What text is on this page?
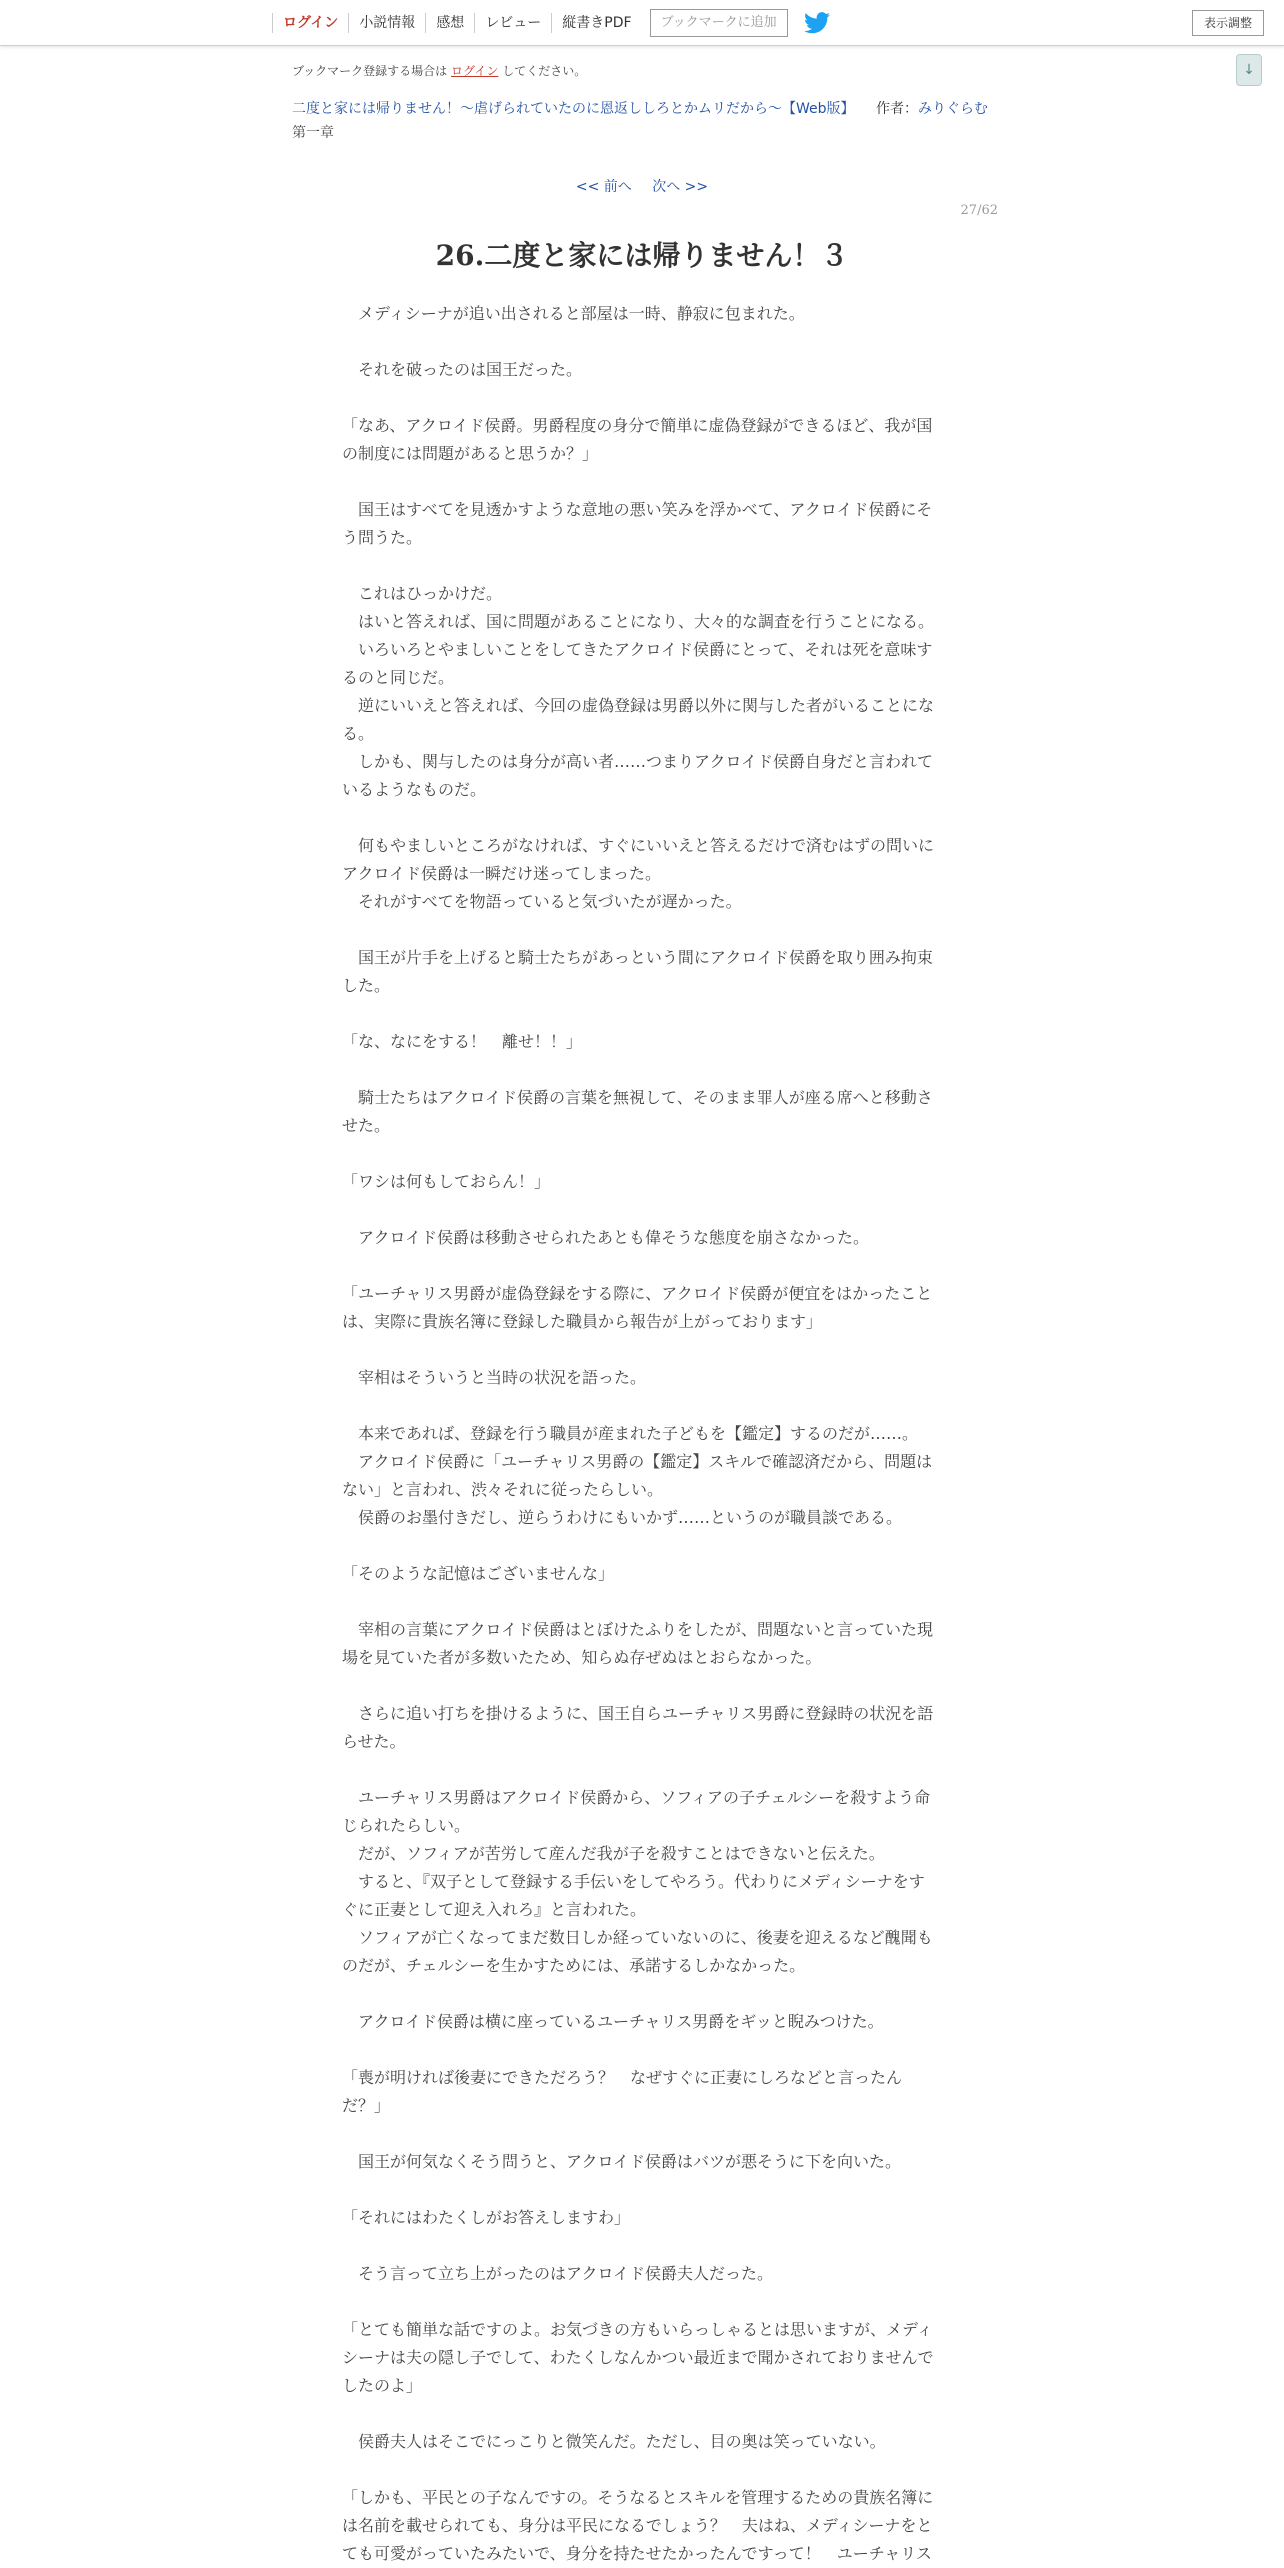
ログイン	小説情報	感想	レビュー	縦書きPDF	ブックマークに追加	表示調整
↓
ブックマーク登録する場合は ログイン してください。
二度と家には帰りません！～虐げられていたのに恩返ししろとかムリだから～【Web版】 作者：みりぐらむ
第一章
<< 前へ 次へ >>
27/62
26.二度と家には帰りません！３

　メディシーナが追い出されると部屋は一時、静寂に包まれた。

　それを破ったのは国王だった。

「なあ、アクロイド侯爵。男爵程度の身分で簡単に虚偽登録ができるほど、我が国の制度には問題があると思うか？」

　国王はすべてを見透かすような意地の悪い笑みを浮かべて、アクロイド侯爵にそう問うた。

　これはひっかけだ。

　はいと答えれば、国に問題があることになり、大々的な調査を行うことになる。

　いろいろとやましいことをしてきたアクロイド侯爵にとって、それは死を意味するのと同じだ。

　逆にいいえと答えれば、今回の虚偽登録は男爵以外に関与した者がいることになる。

　しかも、関与したのは身分が高い者……つまりアクロイド侯爵自身だと言われているようなものだ。

　何もやましいところがなければ、すぐにいいえと答えるだけで済むはずの問いにアクロイド侯爵は一瞬だけ迷ってしまった。

　それがすべてを物語っていると気づいたが遅かった。

　国王が片手を上げると騎士たちがあっという間にアクロイド侯爵を取り囲み拘束した。

「な、なにをする！　離せ！！」

　騎士たちはアクロイド侯爵の言葉を無視して、そのまま罪人が座る席へと移動させた。

「ワシは何もしておらん！」

　アクロイド侯爵は移動させられたあとも偉そうな態度を崩さなかった。

「ユーチャリス男爵が虚偽登録をする際に、アクロイド侯爵が便宜をはかったことは、実際に貴族名簿に登録した職員から報告が上がっております」

　宰相はそういうと当時の状況を語った。

　本来であれば、登録を行う職員が産まれた子どもを【鑑定】するのだが……。

　アクロイド侯爵に「ユーチャリス男爵の【鑑定】スキルで確認済だから、問題はない」と言われ、渋々それに従ったらしい。

　侯爵のお墨付きだし、逆らうわけにもいかず……というのが職員談である。

「そのような記憶はございませんな」

　宰相の言葉にアクロイド侯爵はとぼけたふりをしたが、問題ないと言っていた現場を見ていた者が多数いたため、知らぬ存ぜぬはとおらなかった。

　さらに追い打ちを掛けるように、国王自らユーチャリス男爵に登録時の状況を語らせた。

　ユーチャリス男爵はアクロイド侯爵から、ソフィアの子チェルシーを殺すよう命じられたらしい。

　だが、ソフィアが苦労して産んだ我が子を殺すことはできないと伝えた。

　すると、『双子として登録する手伝いをしてやろう。代わりにメディシーナをすぐに正妻として迎え入れろ』と言われた。

　ソフィアが亡くなってまだ数日しか経っていないのに、後妻を迎えるなど醜聞ものだが、チェルシーを生かすためには、承諾するしかなかった。

　アクロイド侯爵は横に座っているユーチャリス男爵をギッと睨みつけた。

「喪が明ければ後妻にできただろう？　なぜすぐに正妻にしろなどと言ったんだ？」

　国王が何気なくそう問うと、アクロイド侯爵はバツが悪そうに下を向いた。

「それにはわたくしがお答えしますわ」

　そう言って立ち上がったのはアクロイド侯爵夫人だった。

「とても簡単な話ですのよ。お気づきの方もいらっしゃるとは思いますが、メディシーナは夫の隠し子でして、わたくしなんかつい最近まで聞かされておりませんでしたのよ」

　侯爵夫人はそこでにっこりと微笑んだ。ただし、目の奥は笑っていない。

「しかも、平民との子なんですの。そうなるとスキルを管理するための貴族名簿には名前を載せられても、身分は平民になるでしょう？　夫はね、メディシーナをとても可愛がっていたみたいで、身分を持たせたかったんですって！　ユーチャリス
